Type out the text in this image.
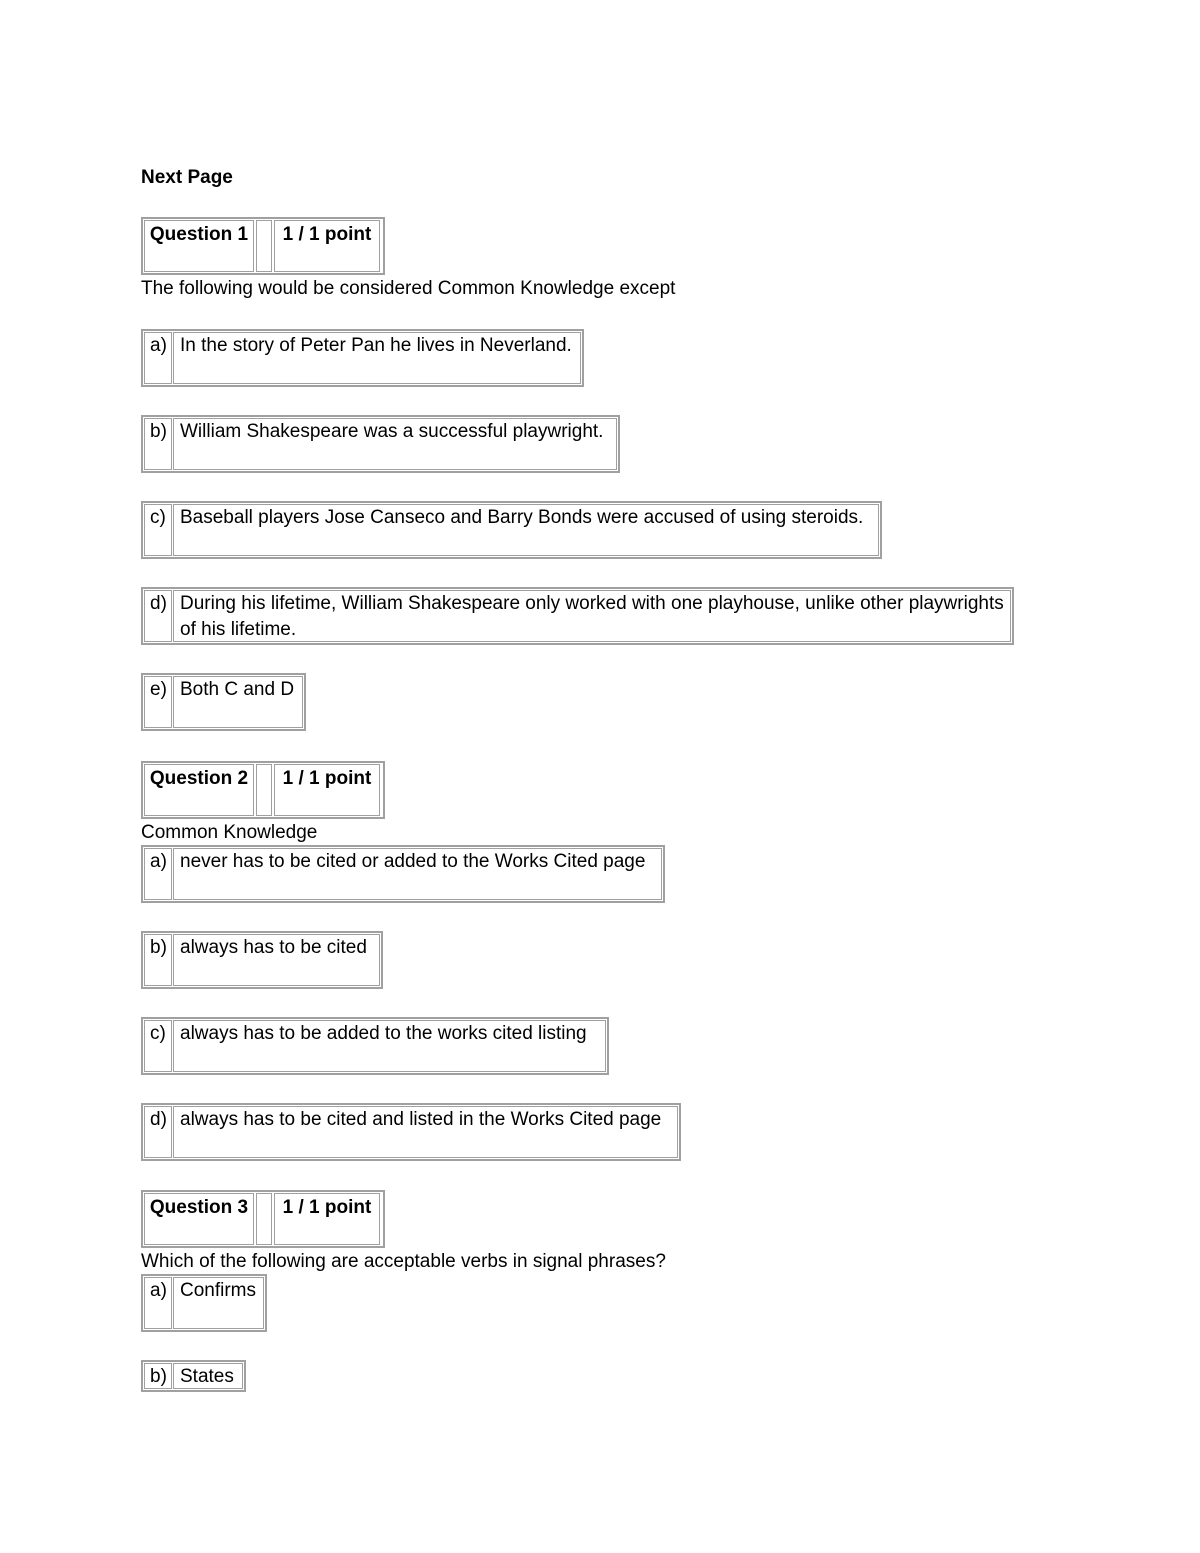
Next Page
Question 1	1 / 1 point
The following would be considered Common Knowledge except
a) In the story of Peter Pan he lives in Neverland.
b) William Shakespeare was a successful playwright.
c) Baseball players Jose Canseco and Barry Bonds were accused of using steroids.
d) During his lifetime, William Shakespeare only worked with one playhouse, unlike other playwrights of his lifetime.
e) Both C and D
Question 2	1 / 1 point
Common Knowledge
a) never has to be cited or added to the Works Cited page
b) always has to be cited
c) always has to be added to the works cited listing
d) always has to be cited and listed in the Works Cited page
Question 3	1 / 1 point
Which of the following are acceptable verbs in signal phrases?
a) Confirms
b) States
